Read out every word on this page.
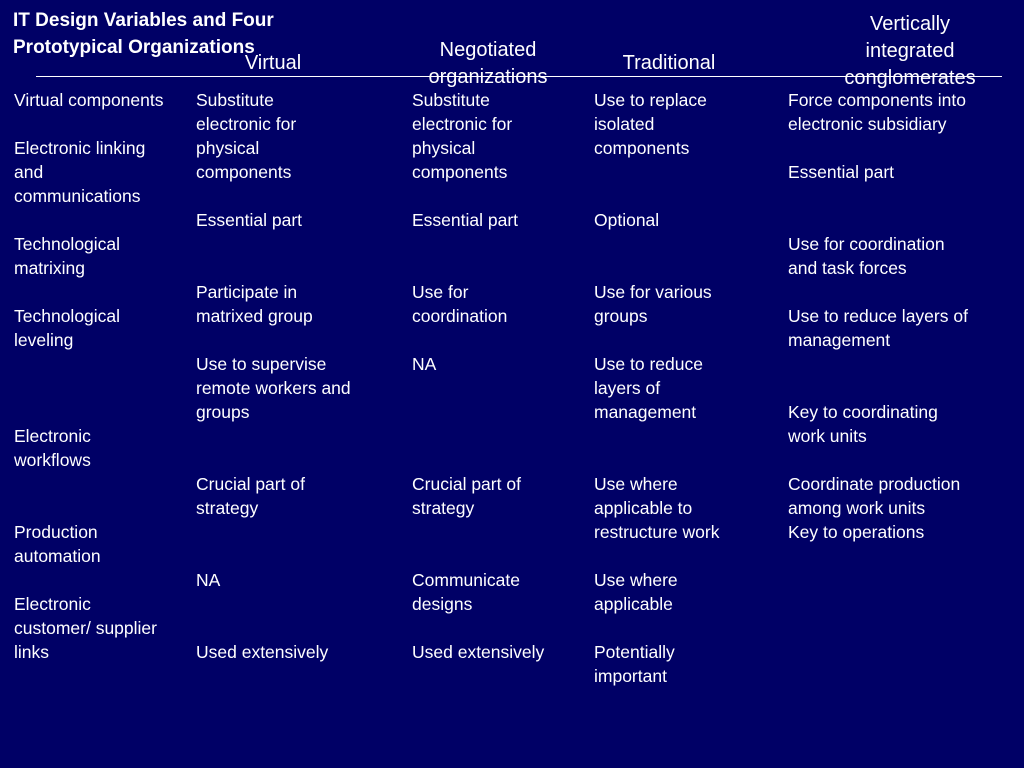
IT Design Variables and Four
Prototypical Organizations
Virtual
Negotiated
organizations
Traditional
Vertically
integrated
conglomerates
Virtual components

Electronic linking
and
communications

Technological
matrixing

Technological
leveling

Electronic
workflows

Production
automation

Electronic
customer/ supplier
links
Substitute
electronic for
physical
components

Essential part

Participate in
matrixed group

Use to supervise
remote workers and
groups

Crucial part of
strategy

NA

Used extensively
Substitute
electronic for
physical
components

Essential part

Use for
coordination

NA

Crucial part of
strategy

Communicate
designs

Used extensively
Use to replace
isolated
components

Optional

Use for various
groups

Use to reduce
layers of
management

Use where
applicable to
restructure work

Use where
applicable

Potentially
important
Force components into
electronic subsidiary

Essential part

Use for coordination
and task forces

Use to reduce layers of
management

Key to coordinating
work units

Coordinate production
among work units
Key to operations
